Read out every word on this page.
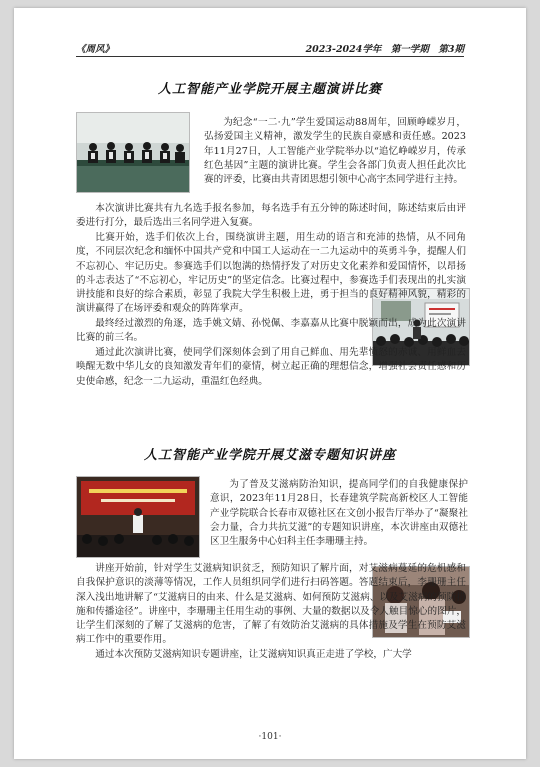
《周风》	2023-2024学年　第一学期　第3期
人工智能产业学院开展主题演讲比赛

为纪念“一二·九”学生爱国运动88周年，回顾峥嵘岁月，弘扬爱国主义精神，激发学生的民族自豪感和责任感。2023年11月27日，人工智能产业学院举办以“追忆峥嵘岁月，传承红色基因”主题的演讲比赛。学生会各部门负责人担任此次比赛的评委，比赛由共青团思想引领中心高宇杰同学进行主持。

本次演讲比赛共有九名选手报名参加，每名选手有五分钟的陈述时间，陈述结束后由评委进行打分，最后选出三名同学进入复赛。

比赛开始，选手们依次上台，围绕演讲主题，用生动的语言和充沛的热情，从不同角度，不同层次纪念和缅怀中国共产党和中国工人运动在一二九运动中的英勇斗争，提醒人们不忘初心、牢记历史。参赛选手们以饱满的热情抒发了对历史文化素养和爱国情怀，以昂扬的斗志表达了“不忘初心，牢记历史”的坚定信念。比赛过程中，参赛选手们表现出的扎实演讲技能和良好的综合素质，彰显了我院大学生积极上进，勇于担当的良好精神风貌，精彩的演讲赢得了在场评委和观众的阵阵掌声。

最终经过激烈的角逐，选手姚文婧、孙悦佩、李嘉嘉从比赛中脱颖而出，成为此次演讲比赛的前三名。

通过此次演讲比赛，使同学们深刻体会到了用自己鲜血、用先辈愤怒的赤诚、用鲜血去唤醒无数中华儿女的良知激发青年们的豪情，树立起正确的理想信念，增强社会责任感和历史使命感，纪念一二九运动，重温红色经典。

人工智能产业学院开展艾滋专题知识讲座

为了普及艾滋病防治知识，提高同学们的自我健康保护意识，2023年11月28日，长春建筑学院高新校区人工智能产业学院联合长春市双德社区在文创小报告厅举办了“凝聚社会力量，合力共抗艾滋”的专题知识讲座，本次讲座由双德社区卫生服务中心妇科主任李珊珊主持。

讲座开始前，针对学生艾滋病知识贫乏，预防知识了解片面，对艾滋病蔓延的危机感和自我保护意识的淡薄等情况，工作人员组织同学们进行扫码答题。答题结束后，李珊珊主任深入浅出地讲解了“艾滋病日的由来、什么是艾滋病、如何预防艾滋病、以及艾滋病的预防措施和传播途径”。讲座中，李珊珊主任用生动的事例、大量的数据以及令人触目惊心的图片，让学生们深刻的了解了艾滋病的危害，了解了有效防治艾滋病的具体措施及学生在预防艾滋病工作中的重要作用。

通过本次预防艾滋病知识专题讲座，让艾滋病知识真正走进了学校，广大学

·101·
